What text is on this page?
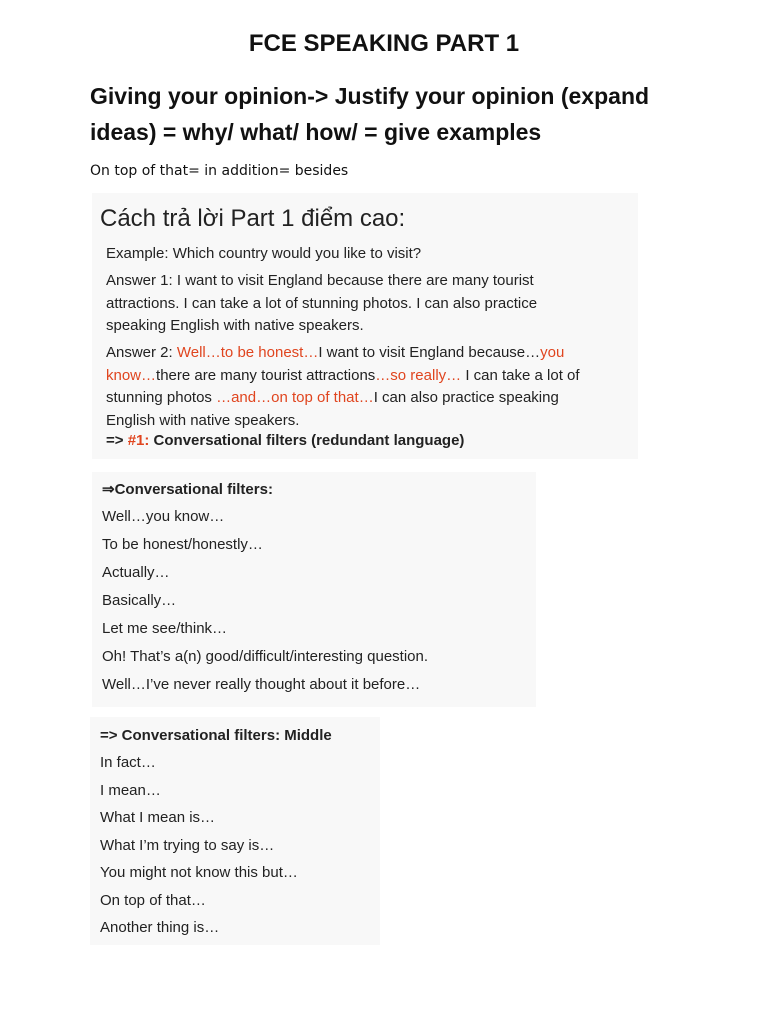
FCE SPEAKING PART 1
Giving your opinion-> Justify your opinion (expand
ideas) = why/ what/ how/ = give examples
On top of that= in addition= besides
Cách trả lời Part 1 điểm cao:
Example: Which country would you like to visit?
Answer 1: I want to visit England because there are many tourist
attractions. I can take a lot of stunning photos. I can also practice
speaking English with native speakers.
Answer 2: Well…to be honest…I want to visit England because…you
know…there are many tourist attractions…so really… I can take a lot of
stunning photos …and…on top of that…I can also practice speaking
English with native speakers.
=> #1: Conversational filters (redundant language)
⇒Conversational filters:
Well…you know…
To be honest/honestly…
Actually…
Basically…
Let me see/think…
Oh! That’s a(n) good/difficult/interesting question.
Well…I’ve never really thought about it before…
=> Conversational filters: Middle
In fact…
I mean…
What I mean is…
What I’m trying to say is…
You might not know this but…
On top of that…
Another thing is…
